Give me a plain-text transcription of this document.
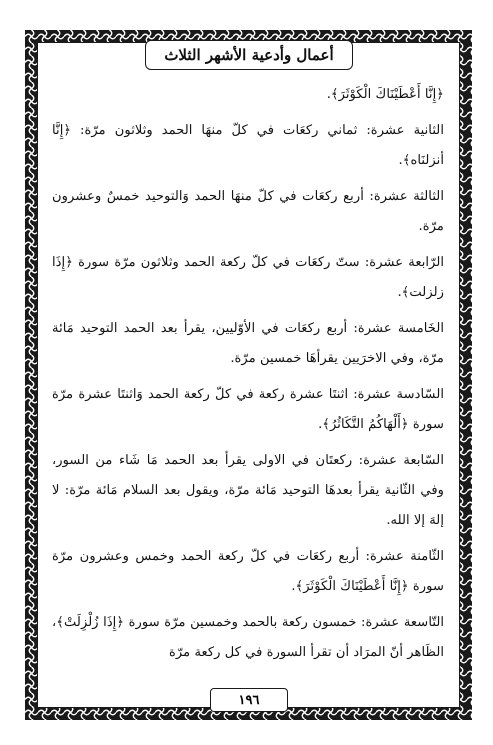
أعمال وأدعية الأشهر الثلاث

﴿إِنَّا أَعْطَيْنَاكَ الْكَوْثَرَ﴾.

الثانية عشرة: ثماني ركعَات في كلّ منهَا الحمد وثلاثون مرّة: ﴿إِنَّا أنزلنَاه﴾.

الثالثة عشرة: أربع ركعَات في كلّ منهَا الحمد وَالتوحيد خمسٌ وعشرون مرّة.

الرّابعة عشرة: ستّ ركعَات في كلّ ركعة الحمد وثلاثون مرّة سورة ﴿إِذَا زلزلت﴾.

الخَامسة عشرة: أربع ركعَات في الأوّليين، يقرأ بعد الحمد التوحيد مَائة مرّة، وفي الاخرَيين يقرأهَا خمسين مرّة.

السّادسة عشرة: اثنتَا عشرة ركعة في كلّ ركعة الحمد وَاثنتَا عشرة مرّة سورة ﴿أَلْهَاكُمُ التَّكَاثُرُ﴾.

السّابعة عشرة: ركعتَان في الاولى يقرأ بعد الحمد مَا شَاء من السور، وفي الثّانية يقرأ بعدهَا التوحيد مَائة مرّة، ويقول بعد السلام مَائة مرّة: لا إلهَ إلا الله.

الثّامنة عشرة: أربع ركعَات في كلّ ركعة الحمد وخمس وعشرون مرّة سورة ﴿إِنَّا أَعْطَيْنَاكَ الْكَوْثَرَ﴾.

التّاسعة عشرة: خمسون ركعة بالحمد وخمسين مرّة سورة ﴿إِذَا زُلْزِلَتْ﴾، الظَاهر أنّ المرَاد أن تقرأ السورة في كل ركعة مرّة

١٩٦
